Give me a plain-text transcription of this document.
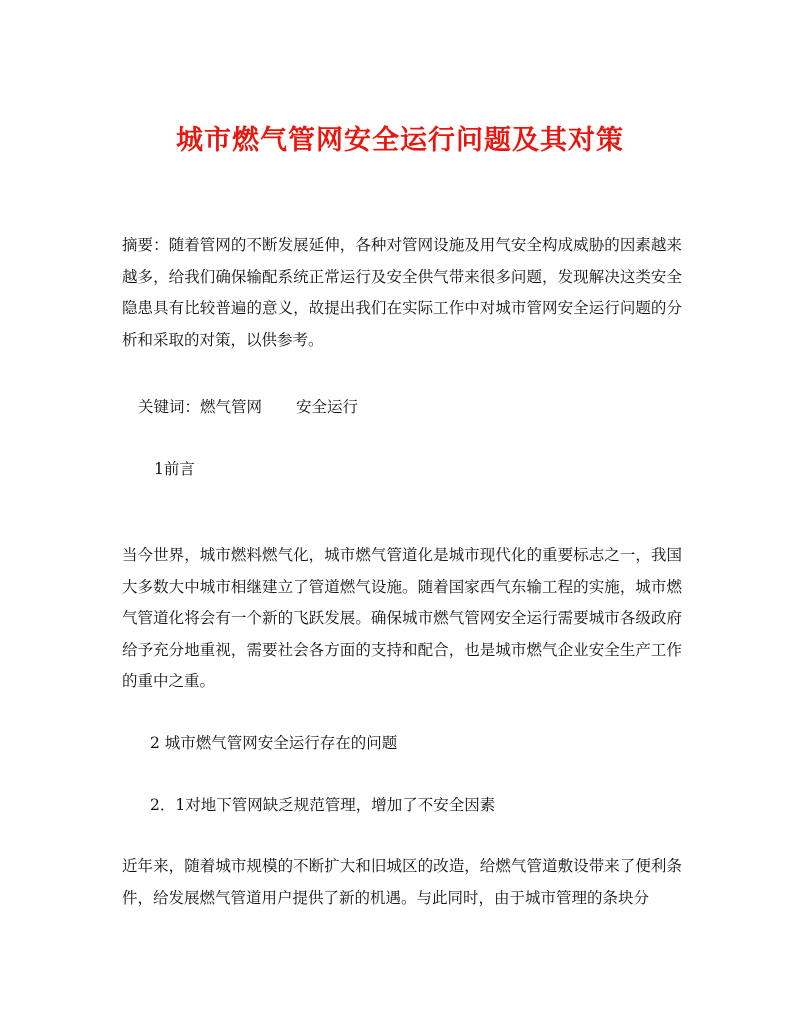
城市燃气管网安全运行问题及其对策

摘要：随着管网的不断发展延伸，各种对管网设施及用气安全构成威胁的因素越来越多，给我们确保输配系统正常运行及安全供气带来很多问题，发现解决这类安全隐患具有比较普遍的意义，故提出我们在实际工作中对城市管网安全运行问题的分析和采取的对策，以供参考。

关键词：燃气管网 安全运行

1前言

当今世界，城市燃料燃气化，城市燃气管道化是城市现代化的重要标志之一，我国大多数大中城市相继建立了管道燃气设施。随着国家西气东输工程的实施，城市燃气管道化将会有一个新的飞跃发展。确保城市燃气管网安全运行需要城市各级政府给予充分地重视，需要社会各方面的支持和配合，也是城市燃气企业安全生产工作的重中之重。

2 城市燃气管网安全运行存在的问题

2．1对地下管网缺乏规范管理，增加了不安全因素

近年来，随着城市规模的不断扩大和旧城区的改造，给燃气管道敷设带来了便利条件，给发展燃气管道用户提供了新的机遇。与此同时，由于城市管理的条块分
